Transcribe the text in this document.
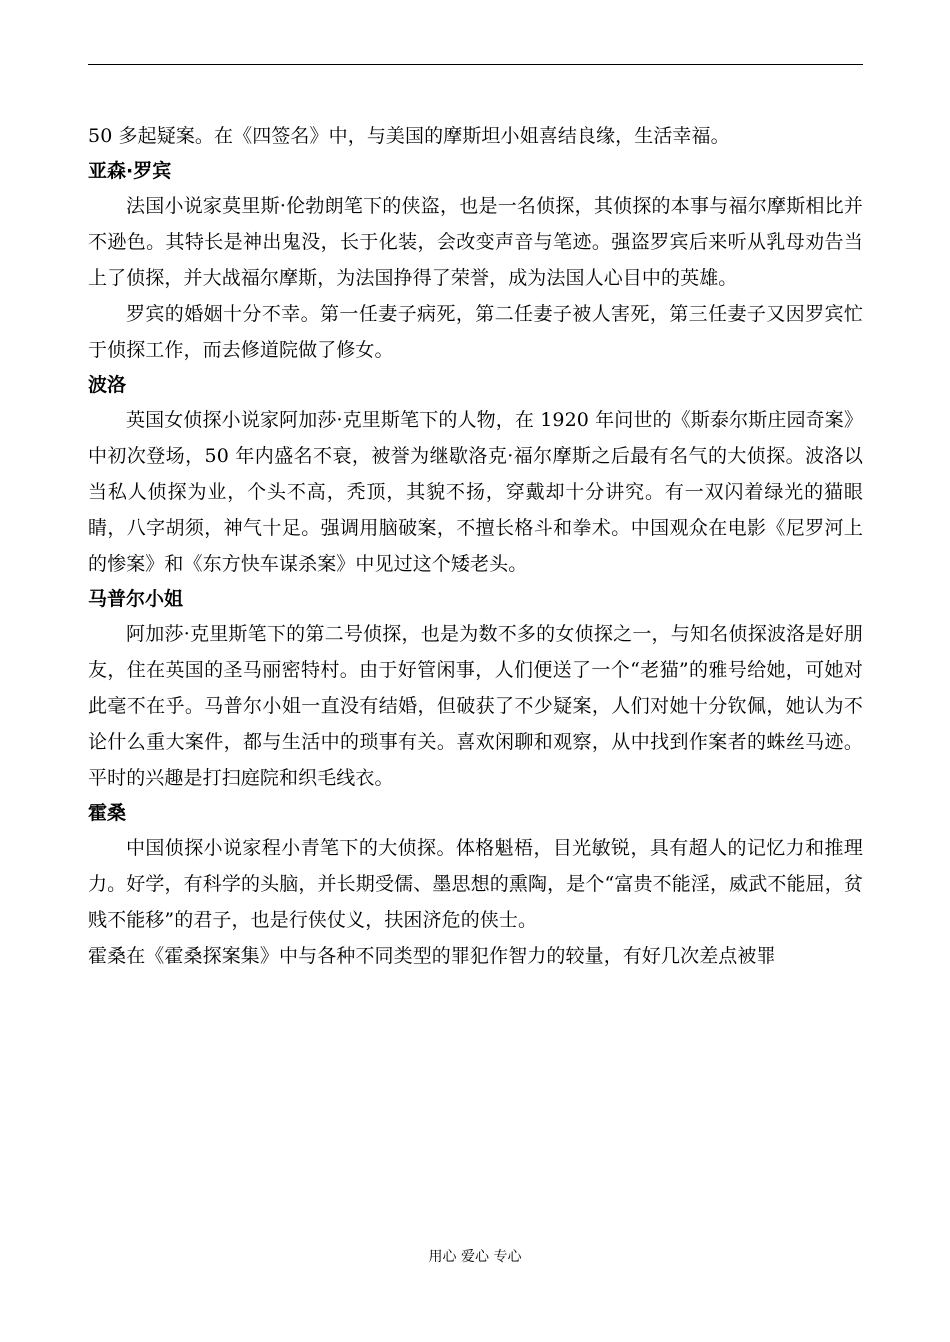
50 多起疑案。在《四签名》中，与美国的摩斯坦小姐喜结良缘，生活幸福。

亚森·罗宾

法国小说家莫里斯·伦勃朗笔下的侠盗，也是一名侦探，其侦探的本事与福尔摩斯相比并不逊色。其特长是神出鬼没，长于化装，会改变声音与笔迹。强盗罗宾后来听从乳母劝告当上了侦探，并大战福尔摩斯，为法国挣得了荣誉，成为法国人心目中的英雄。

罗宾的婚姻十分不幸。第一任妻子病死，第二任妻子被人害死，第三任妻子又因罗宾忙于侦探工作，而去修道院做了修女。

波洛

英国女侦探小说家阿加莎·克里斯笔下的人物，在 1920 年问世的《斯泰尔斯庄园奇案》中初次登场，50 年内盛名不衰，被誉为继歇洛克·福尔摩斯之后最有名气的大侦探。波洛以当私人侦探为业，个头不高，秃顶，其貌不扬，穿戴却十分讲究。有一双闪着绿光的猫眼睛，八字胡须，神气十足。强调用脑破案，不擅长格斗和拳术。中国观众在电影《尼罗河上的惨案》和《东方快车谋杀案》中见过这个矮老头。

马普尔小姐

阿加莎·克里斯笔下的第二号侦探，也是为数不多的女侦探之一，与知名侦探波洛是好朋友，住在英国的圣马丽密特村。由于好管闲事，人们便送了一个“老猫”的雅号给她，可她对此毫不在乎。马普尔小姐一直没有结婚，但破获了不少疑案，人们对她十分钦佩，她认为不论什么重大案件，都与生活中的琐事有关。喜欢闲聊和观察，从中找到作案者的蛛丝马迹。平时的兴趣是打扫庭院和织毛线衣。

霍桑

中国侦探小说家程小青笔下的大侦探。体格魁梧，目光敏锐，具有超人的记忆力和推理力。好学，有科学的头脑，并长期受儒、墨思想的熏陶，是个“富贵不能淫，威武不能屈，贫贱不能移”的君子，也是行侠仗义，扶困济危的侠士。

霍桑在《霍桑探案集》中与各种不同类型的罪犯作智力的较量，有好几次差点被罪

用心 爱心 专心
